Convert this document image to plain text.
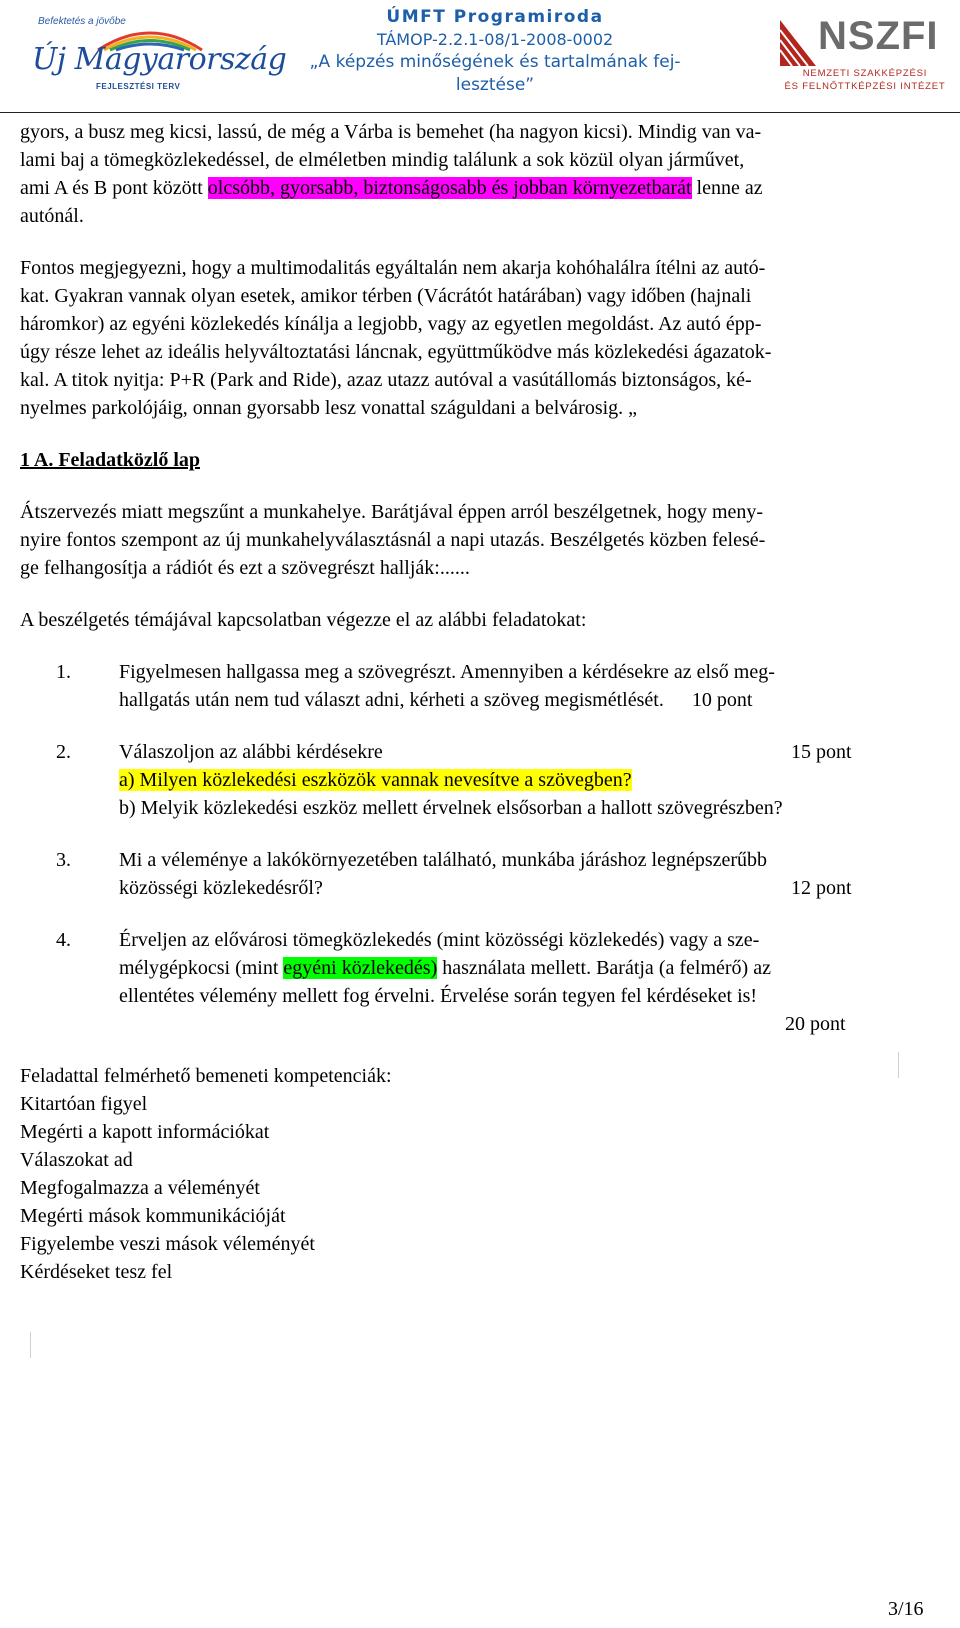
Befektetés a jövőbe
Új Magyarország
FEJLESZTÉSI TERV
ÚMFT Programiroda
TÁMOP-2.2.1-08/1-2008-0002
„A képzés minőségének és tartalmának fej-
lesztése”
NSZFI
NEMZETI SZAKKÉPZÉSI
ÉS FELNŐTTKÉPZÉSI INTÉZET

gyors, a busz meg kicsi, lassú, de még a Várba is bemehet (ha nagyon kicsi). Mindig van va-

lami baj a tömegközlekedéssel, de elméletben mindig találunk a sok közül olyan járművet,

ami A és B pont között olcsóbb, gyorsabb, biztonságosabb és jobban környezetbarát lenne az

autónál.

Fontos megjegyezni, hogy a multimodalitás egyáltalán nem akarja kohóhalálra ítélni az autó-

kat. Gyakran vannak olyan esetek, amikor térben (Vácrátót határában) vagy időben (hajnali

háromkor) az egyéni közlekedés kínálja a legjobb, vagy az egyetlen megoldást. Az autó épp-

úgy része lehet az ideális helyváltoztatási láncnak, együttműködve más közlekedési ágazatok-

kal. A titok nyitja: P+R (Park and Ride), azaz utazz autóval a vasútállomás biztonságos, ké-

nyelmes parkolójáig, onnan gyorsabb lesz vonattal száguldani a belvárosig. „

1 A. Feladatközlő lap

Átszervezés miatt megszűnt a munkahelye. Barátjával éppen arról beszélgetnek, hogy meny-

nyire fontos szempont az új munkahelyválasztásnál a napi utazás. Beszélgetés közben felesé-

ge felhangosítja a rádiót és ezt a szövegrészt hallják:......

A beszélgetés témájával kapcsolatban végezze el az alábbi feladatokat:

1.	Figyelmesen hallgassa meg a szövegrészt. Amennyiben a kérdésekre az első meg-

hallgatás után nem tud választ adni, kérheti a szöveg megismétlését. 10 pont

2.	Válaszoljon az alábbi kérdésekre	15 pont

a) Milyen közlekedési eszközök vannak nevesítve a szövegben?

b) Melyik közlekedési eszköz mellett érvelnek elsősorban a hallott szövegrészben?

3.	Mi a véleménye a lakókörnyezetében található, munkába járáshoz legnépszerűbb

közösségi közlekedésről?	12 pont

4.	Érveljen az elővárosi tömegközlekedés (mint közösségi közlekedés) vagy a sze-

mélygépkocsi (mint egyéni közlekedés) használata mellett. Barátja (a felmérő) az

ellentétes vélemény mellett fog érvelni. Érvelése során tegyen fel kérdéseket is!

20 pont

Feladattal felmérhető bemeneti kompetenciák:

Kitartóan figyel

Megérti a kapott információkat

Válaszokat ad

Megfogalmazza a véleményét

Megérti mások kommunikációját

Figyelembe veszi mások véleményét

Kérdéseket tesz fel

3/16
